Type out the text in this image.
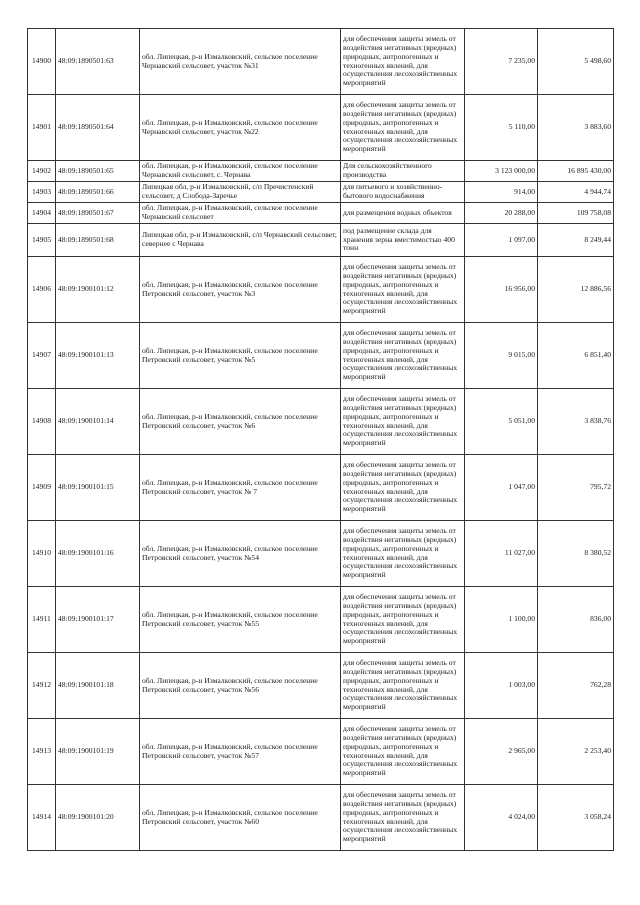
14900	48:09:1890501:63	обл. Липецкая, р-н Измалковский, сельское поселение Чернавский сельсовет, участок №31	для обеспечения защиты земель от воздействия негативных (вредных) природных, антропогенных и техногенных явлений, для осуществления лесохозяйственных мероприятий	7 235,00	5 498,60
14901	48:09:1890501:64	обл. Липецкая, р-н Измалковский, сельское поселение Чернавский сельсовет, участок №22	для обеспечения защиты земель от воздействия негативных (вредных) природных, антропогенных и техногенных явлений, для осуществления лесохозяйственных мероприятий	5 110,00	3 883,60
14902	48:09:1890501:65	обл. Липецкая, р-н Измалковский, сельское поселение Чернавский сельсовет, с. Чернава	Для сельскохозяйственного производства	3 123 000,00	16 895 430,00
14903	48:09:1890501:66	Липецкая обл, р-н Измалковский, с/п Пречистенский сельсовет, д Слобода-Заречье	для питьевого и хозяйственно-бытового водоснабжения	914,00	4 944,74
14904	48:09:1890501:67	обл. Липецкая, р-н Измалковский, сельское поселение Чернавский сельсовет	для размещения водных объектов	20 288,00	109 758,08
14905	48:09:1890501:68	Липецкая обл, р-н Измалковский, с/п Чернавский сельсовет, севернее с Чернава	под размещение склада для хранения зерна вместимостью 400 тонн	1 097,00	8 249,44
14906	48:09:1900101:12	обл. Липецкая, р-н Измалковский, сельское поселение Петровский сельсовет, участок №3	для обеспечения защиты земель от воздействия негативных (вредных) природных, антропогенных и техногенных явлений, для осуществления лесохозяйственных мероприятий	16 956,00	12 886,56
14907	48:09:1900101:13	обл. Липецкая, р-н Измалковский, сельское поселение Петровский сельсовет, участок №5	для обеспечения защиты земель от воздействия негативных (вредных) природных, антропогенных и техногенных явлений, для осуществления лесохозяйственных мероприятий	9 015,00	6 851,40
14908	48:09:1900101:14	обл. Липецкая, р-н Измалковский, сельское поселение Петровский сельсовет, участок №6	для обеспечения защиты земель от воздействия негативных (вредных) природных, антропогенных и техногенных явлений, для осуществления лесохозяйственных мероприятий	5 051,00	3 838,76
14909	48:09:1900101:15	обл. Липецкая, р-н Измалковский, сельское поселение Петровский сельсовет, участок № 7	для обеспечения защиты земель от воздействия негативных (вредных) природных, антропогенных и техногенных явлений, для осуществления лесохозяйственных мероприятий	1 047,00	795,72
14910	48:09:1900101:16	обл. Липецкая, р-н Измалковский, сельское поселение Петровский сельсовет, участок №54	для обеспечения защиты земель от воздействия негативных (вредных) природных, антропогенных и техногенных явлений, для осуществления лесохозяйственных мероприятий	11 027,00	8 380,52
14911	48:09:1900101:17	обл. Липецкая, р-н Измалковский, сельское поселение Петровский сельсовет, участок №55	для обеспечения защиты земель от воздействия негативных (вредных) природных, антропогенных и техногенных явлений, для осуществления лесохозяйственных мероприятий	1 100,00	836,00
14912	48:09:1900101:18	обл. Липецкая, р-н Измалковский, сельское поселение Петровский сельсовет, участок №56	для обеспечения защиты земель от воздействия негативных (вредных) природных, антропогенных и техногенных явлений, для осуществления лесохозяйственных мероприятий	1 003,00	762,28
14913	48:09:1900101:19	обл. Липецкая, р-н Измалковский, сельское поселение Петровский сельсовет, участок №57	для обеспечения защиты земель от воздействия негативных (вредных) природных, антропогенных и техногенных явлений, для осуществления лесохозяйственных мероприятий	2 965,00	2 253,40
14914	48:09:1900101:20	обл. Липецкая, р-н Измалковский, сельское поселение Петровский сельсовет, участок №60	для обеспечения защиты земель от воздействия негативных (вредных) природных, антропогенных и техногенных явлений, для осуществления лесохозяйственных мероприятий	4 024,00	3 058,24
